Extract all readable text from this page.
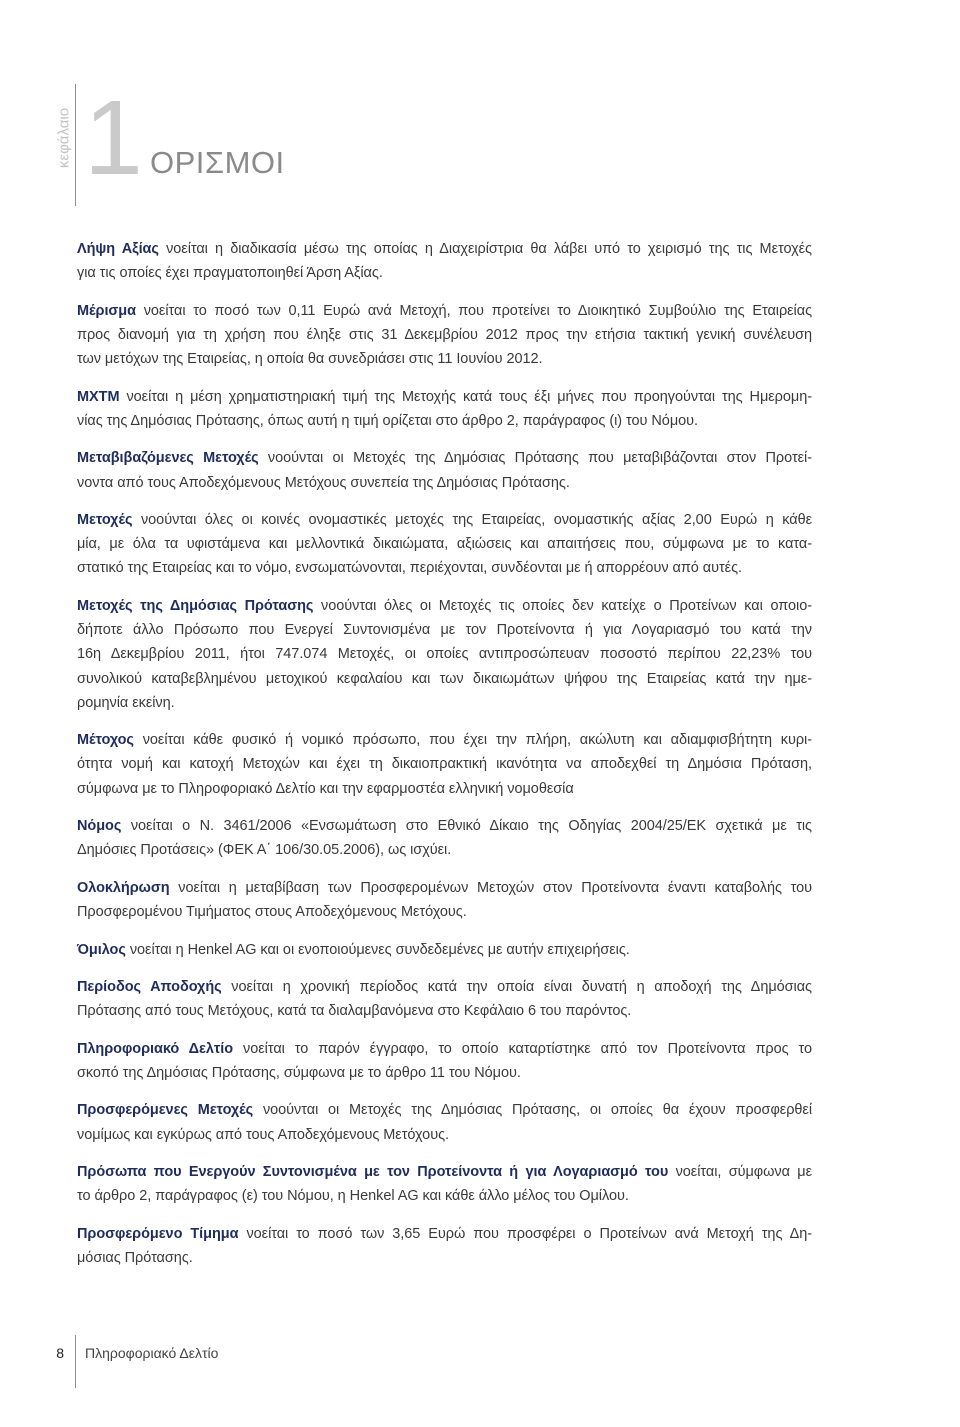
κεφάλαιο 1 ΟΡΙΣΜΟΙ
Λήψη Αξίας νοείται η διαδικασία μέσω της οποίας η Διαχειρίστρια θα λάβει υπό το χειρισμό της τις Μετοχές
για τις οποίες έχει πραγματοποιηθεί Άρση Αξίας.
Μέρισμα νοείται το ποσό των 0,11 Ευρώ ανά Μετοχή, που προτείνει το Διοικητικό Συμβούλιο της Εταιρείας
προς διανομή για τη χρήση που έληξε στις 31 Δεκεμβρίου 2012 προς την ετήσια τακτική γενική συνέλευση
των μετόχων της Εταιρείας, η οποία θα συνεδριάσει στις 11 Ιουνίου 2012.
ΜΧΤΜ νοείται η μέση χρηματιστηριακή τιμή της Μετοχής κατά τους έξι μήνες που προηγούνται της Ημερομη-
νίας της Δημόσιας Πρότασης, όπως αυτή η τιμή ορίζεται στο άρθρο 2, παράγραφος (ι) του Νόμου.
Μεταβιβαζόμενες Μετοχές νοούνται οι Μετοχές της Δημόσιας Πρότασης που μεταβιβάζονται στον Προτεί-
νοντα από τους Αποδεχόμενους Μετόχους συνεπεία της Δημόσιας Πρότασης.
Μετοχές νοούνται όλες οι κοινές ονομαστικές μετοχές της Εταιρείας, ονομαστικής αξίας 2,00 Ευρώ η κάθε
μία, με όλα τα υφιστάμενα και μελλοντικά δικαιώματα, αξιώσεις και απαιτήσεις που, σύμφωνα με το κατα-
στατικό της Εταιρείας και το νόμο, ενσωματώνονται, περιέχονται, συνδέονται με ή απορρέουν από αυτές.
Μετοχές της Δημόσιας Πρότασης νοούνται όλες οι Μετοχές τις οποίες δεν κατείχε ο Προτείνων και οποιο-
δήποτε άλλο Πρόσωπο που Ενεργεί Συντονισμένα με τον Προτείνοντα ή για Λογαριασμό του κατά την
16η Δεκεμβρίου 2011, ήτοι 747.074 Μετοχές, οι οποίες αντιπροσώπευαν ποσοστό περίπου 22,23% του
συνολικού καταβεβλημένου μετοχικού κεφαλαίου και των δικαιωμάτων ψήφου της Εταιρείας κατά την ημε-
ρομηνία εκείνη.
Μέτοχος νοείται κάθε φυσικό ή νομικό πρόσωπο, που έχει την πλήρη, ακώλυτη και αδιαμφισβήτητη κυρι-
ότητα νομή και κατοχή Μετοχών και έχει τη δικαιοπρακτική ικανότητα να αποδεχθεί τη Δημόσια Πρόταση,
σύμφωνα με το Πληροφοριακό Δελτίο και την εφαρμοστέα ελληνική νομοθεσία
Νόμος νοείται ο Ν. 3461/2006 «Ενσωμάτωση στο Εθνικό Δίκαιο της Οδηγίας 2004/25/ΕΚ σχετικά με τις
Δημόσιες Προτάσεις» (ΦΕΚ Α΄ 106/30.05.2006), ως ισχύει.
Ολοκλήρωση νοείται η μεταβίβαση των Προσφερομένων Μετοχών στον Προτείνοντα έναντι καταβολής του
Προσφερομένου Τιμήματος στους Αποδεχόμενους Μετόχους.
Όμιλος νοείται η Henkel AG και οι ενοποιούμενες συνδεδεμένες με αυτήν επιχειρήσεις.
Περίοδος Αποδοχής νοείται η χρονική περίοδος κατά την οποία είναι δυνατή η αποδοχή της Δημόσιας
Πρότασης από τους Μετόχους, κατά τα διαλαμβανόμενα στο Κεφάλαιο 6 του παρόντος.
Πληροφοριακό Δελτίο νοείται το παρόν έγγραφο, το οποίο καταρτίστηκε από τον Προτείνοντα προς το
σκοπό της Δημόσιας Πρότασης, σύμφωνα με το άρθρο 11 του Νόμου.
Προσφερόμενες Μετοχές νοούνται οι Μετοχές της Δημόσιας Πρότασης, οι οποίες θα έχουν προσφερθεί
νομίμως και εγκύρως από τους Αποδεχόμενους Μετόχους.
Πρόσωπα που Ενεργούν Συντονισμένα με τον Προτείνοντα ή για Λογαριασμό του νοείται, σύμφωνα με
το άρθρο 2, παράγραφος (ε) του Νόμου, η Henkel AG και κάθε άλλο μέλος του Ομίλου.
Προσφερόμενο Τίμημα νοείται το ποσό των 3,65 Ευρώ που προσφέρει ο Προτείνων ανά Μετοχή της Δη-
μόσιας Πρότασης.
8 Πληροφοριακό Δελτίο
